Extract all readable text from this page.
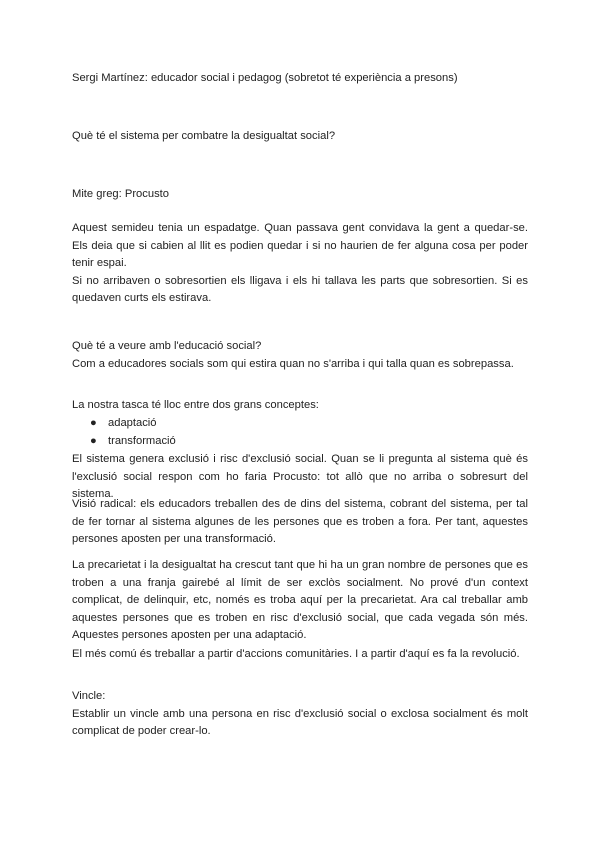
Sergi Martínez: educador social i pedagog (sobretot té experiència a presons)

Què té el sistema per combatre la desigualtat social?

Mite greg: Procusto

Aquest semideu tenia un espadatge. Quan passava gent convidava la gent a quedar-se. Els deia que si cabien al llit es podien quedar i si no haurien de fer alguna cosa per poder tenir espai.

Si no arribaven o sobresortien els lligava i els hi tallava les parts que sobresortien. Si es quedaven curts els estirava.

Què té a veure amb l'educació social?

Com a educadores socials som qui estira quan no s'arriba i qui talla quan es sobrepassa.

La nostra tasca té lloc entre dos grans conceptes:

● adaptació
● transformació

El sistema genera exclusió i risc d'exclusió social. Quan se li pregunta al sistema què és l'exclusió social respon com ho faria Procusto: tot allò que no arriba o sobresurt del sistema.

Visió radical: els educadors treballen des de dins del sistema, cobrant del sistema, per tal de fer tornar al sistema algunes de les persones que es troben a fora. Per tant, aquestes persones aposten per una transformació.

La precarietat i la desigualtat ha crescut tant que hi ha un gran nombre de persones que es troben a una franja gairebé al límit de ser exclòs socialment. No prové d'un context complicat, de delinquir, etc, només es troba aquí per la precarietat. Ara cal treballar amb aquestes persones que es troben en risc d'exclusió social, que cada vegada són més. Aquestes persones aposten per una adaptació.

El més comú és treballar a partir d'accions comunitàries. I a partir d'aquí es fa la revolució.

Vincle:

Establir un vincle amb una persona en risc d'exclusió social o exclosa socialment és molt complicat de poder crear-lo.
